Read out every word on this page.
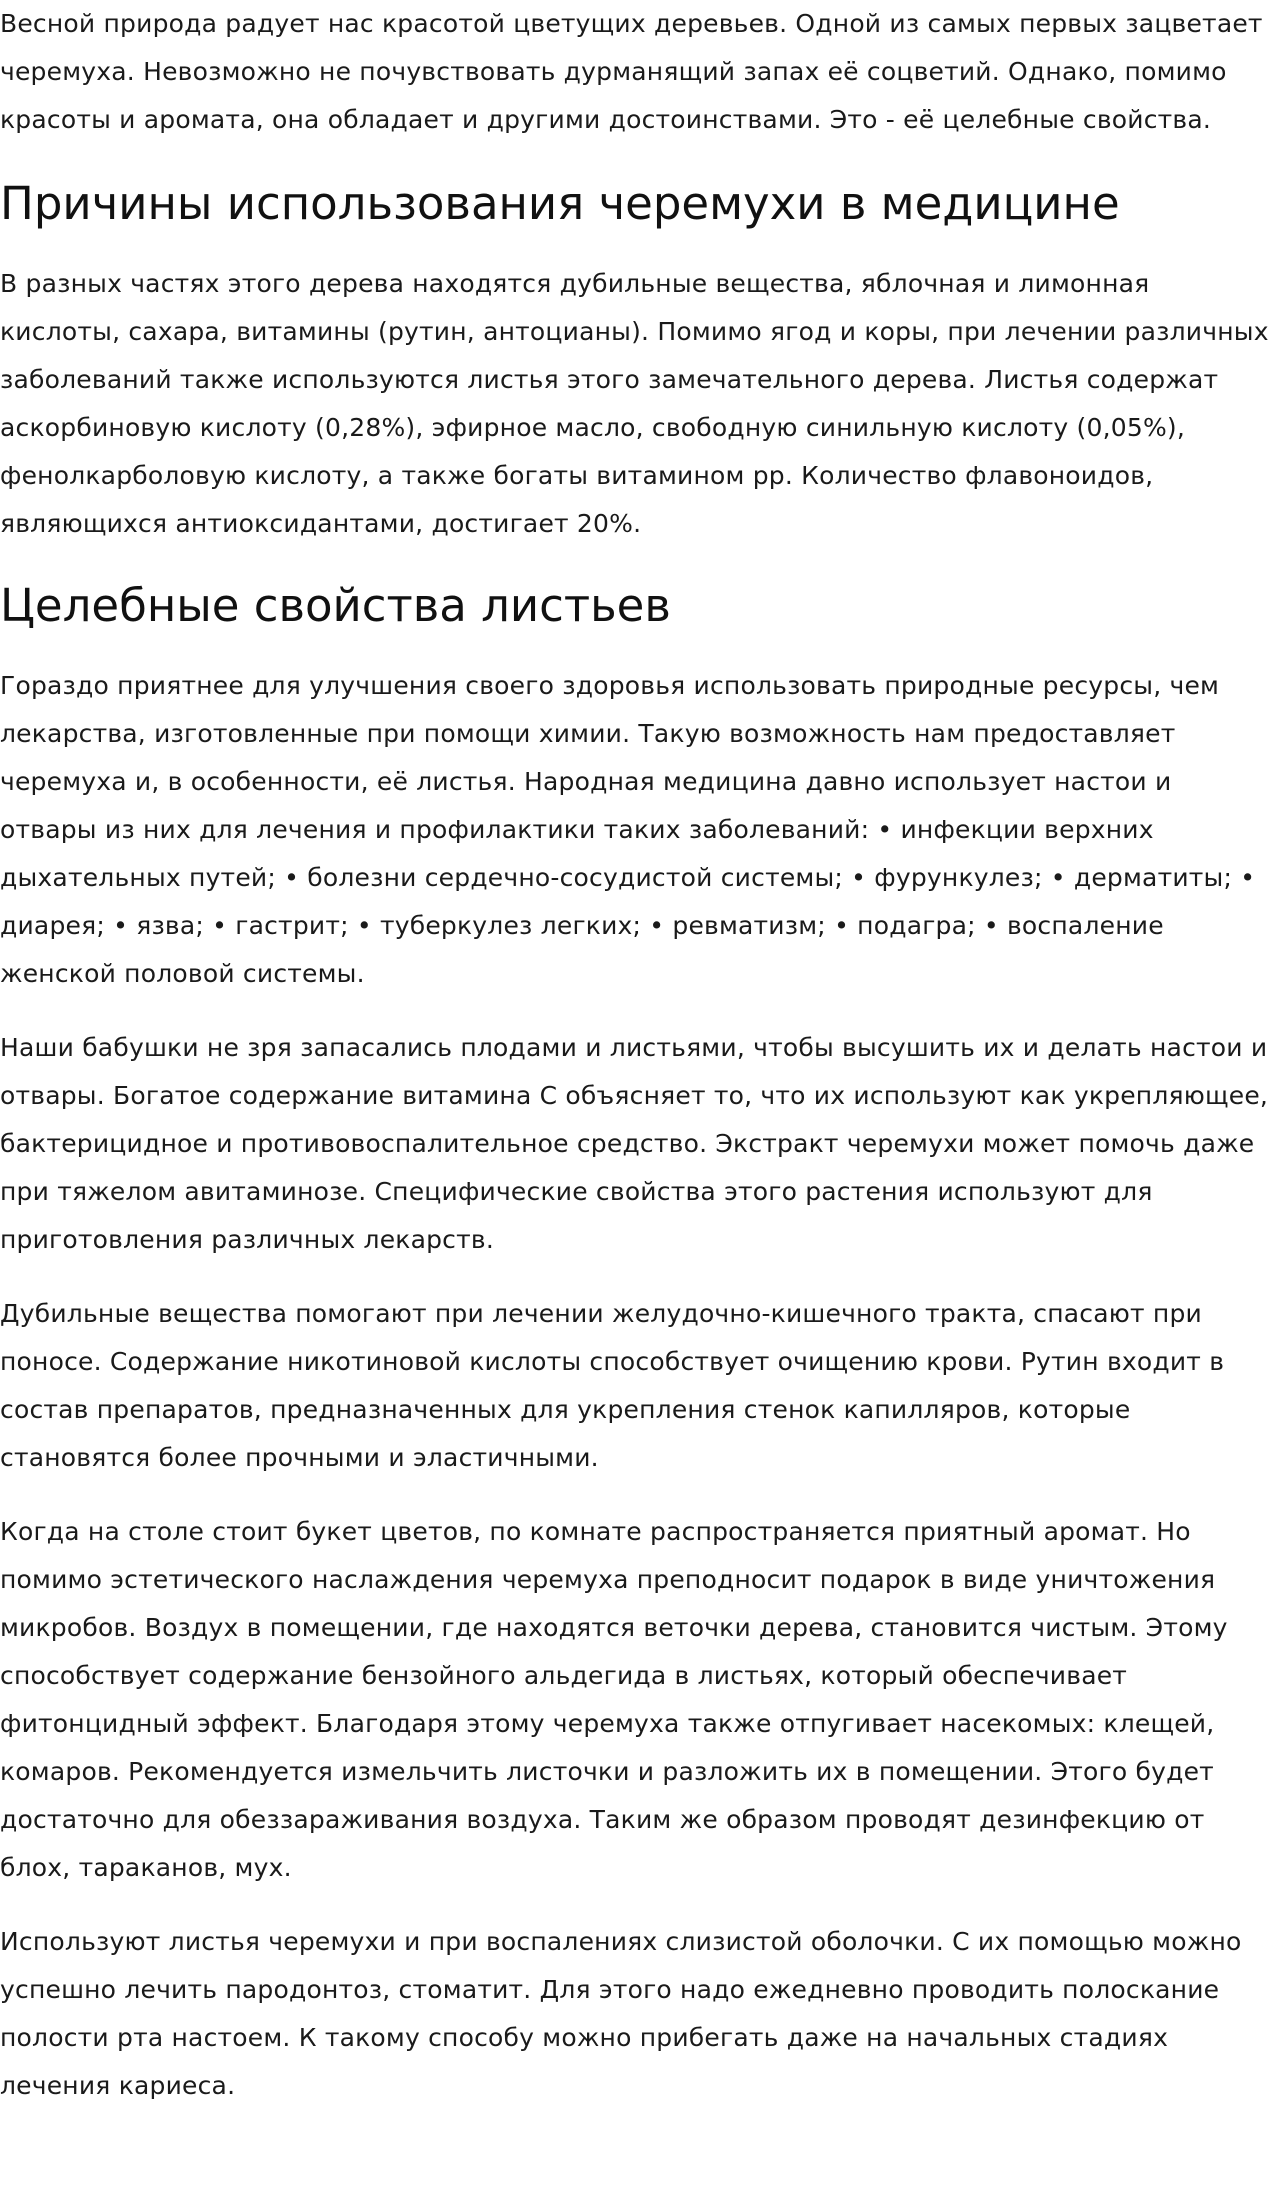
Весной природа радует нас красотой цветущих деревьев. Одной из самых первых зацветает черемуха. Невозможно не почувствовать дурманящий запах её соцветий. Однако, помимо красоты и аромата, она обладает и другими достоинствами. Это - её целебные свойства.

Причины использования черемухи в медицине

В разных частях этого дерева находятся дубильные вещества, яблочная и лимонная кислоты, сахара, витамины (рутин, антоцианы). Помимо ягод и коры, при лечении различных заболеваний также используются листья этого замечательного дерева. Листья содержат аскорбиновую кислоту (0,28%), эфирное масло, свободную синильную кислоту (0,05%), фенолкарболовую кислоту, а также богаты витамином рр. Количество флавоноидов, являющихся антиоксидантами, достигает 20%.

Целебные свойства листьев

Гораздо приятнее для улучшения своего здоровья использовать природные ресурсы, чем лекарства, изготовленные при помощи химии. Такую возможность нам предоставляет черемуха и, в особенности, её листья. Народная медицина давно использует настои и отвары из них для лечения и профилактики таких заболеваний: • инфекции верхних дыхательных путей; • болезни сердечно-сосудистой системы; • фурункулез; • дерматиты; • диарея; • язва; • гастрит; • туберкулез легких; • ревматизм; • подагра; • воспаление женской половой системы.

Наши бабушки не зря запасались плодами и листьями, чтобы высушить их и делать настои и отвары. Богатое содержание витамина С объясняет то, что их используют как укрепляющее, бактерицидное и противовоспалительное средство. Экстракт черемухи может помочь даже при тяжелом авитаминозе. Специфические свойства этого растения используют для приготовления различных лекарств.

Дубильные вещества помогают при лечении желудочно-кишечного тракта, спасают при поносе. Содержание никотиновой кислоты способствует очищению крови. Рутин входит в состав препаратов, предназначенных для укрепления стенок капилляров, которые становятся более прочными и эластичными.

Когда на столе стоит букет цветов, по комнате распространяется приятный аромат. Но помимо эстетического наслаждения черемуха преподносит подарок в виде уничтожения микробов. Воздух в помещении, где находятся веточки дерева, становится чистым. Этому способствует содержание бензойного альдегида в листьях, который обеспечивает фитонцидный эффект. Благодаря этому черемуха также отпугивает насекомых: клещей, комаров. Рекомендуется измельчить листочки и разложить их в помещении. Этого будет достаточно для обеззараживания воздуха. Таким же образом проводят дезинфекцию от блох, тараканов, мух.

Используют листья черемухи и при воспалениях слизистой оболочки. С их помощью можно успешно лечить пародонтоз, стоматит. Для этого надо ежедневно проводить полоскание полости рта настоем. К такому способу можно прибегать даже на начальных стадиях лечения кариеса.
